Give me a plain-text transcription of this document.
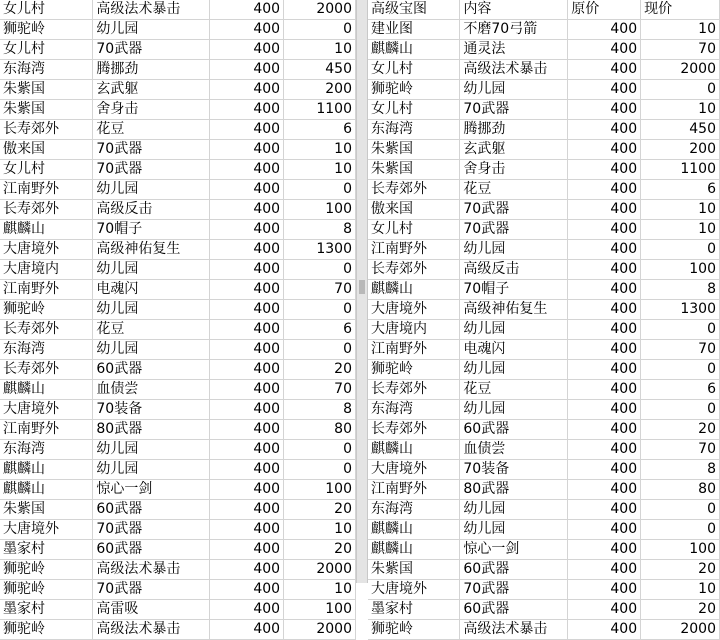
女儿村	高级法术暴击	400	2000
狮驼岭	幼儿园	400	0
女儿村	70武器	400	10
东海湾	腾挪劲	400	450
朱紫国	玄武躯	400	200
朱紫国	舍身击	400	1100
长寿郊外	花豆	400	6
傲来国	70武器	400	10
女儿村	70武器	400	10
江南野外	幼儿园	400	0
长寿郊外	高级反击	400	100
麒麟山	70帽子	400	8
大唐境外	高级神佑复生	400	1300
大唐境内	幼儿园	400	0
江南野外	电魂闪	400	70
狮驼岭	幼儿园	400	0
长寿郊外	花豆	400	6
东海湾	幼儿园	400	0
长寿郊外	60武器	400	20
麒麟山	血债尝	400	70
大唐境外	70装备	400	8
江南野外	80武器	400	80
东海湾	幼儿园	400	0
麒麟山	幼儿园	400	0
麒麟山	惊心一剑	400	100
朱紫国	60武器	400	20
大唐境外	70武器	400	10
墨家村	60武器	400	20
狮驼岭	高级法术暴击	400	2000
狮驼岭	70武器	400	10
墨家村	高雷吸	400	100
狮驼岭	高级法术暴击	400	2000
高级宝图	内容	原价	现价
建业图	不磨70弓箭	400	10
麒麟山	通灵法	400	70
女儿村	高级法术暴击	400	2000
狮驼岭	幼儿园	400	0
女儿村	70武器	400	10
东海湾	腾挪劲	400	450
朱紫国	玄武躯	400	200
朱紫国	舍身击	400	1100
长寿郊外	花豆	400	6
傲来国	70武器	400	10
女儿村	70武器	400	10
江南野外	幼儿园	400	0
长寿郊外	高级反击	400	100
麒麟山	70帽子	400	8
大唐境外	高级神佑复生	400	1300
大唐境内	幼儿园	400	0
江南野外	电魂闪	400	70
狮驼岭	幼儿园	400	0
长寿郊外	花豆	400	6
东海湾	幼儿园	400	0
长寿郊外	60武器	400	20
麒麟山	血债尝	400	70
大唐境外	70装备	400	8
江南野外	80武器	400	80
东海湾	幼儿园	400	0
麒麟山	幼儿园	400	0
麒麟山	惊心一剑	400	100
朱紫国	60武器	400	20
大唐境外	70武器	400	10
墨家村	60武器	400	20
狮驼岭	高级法术暴击	400	2000
